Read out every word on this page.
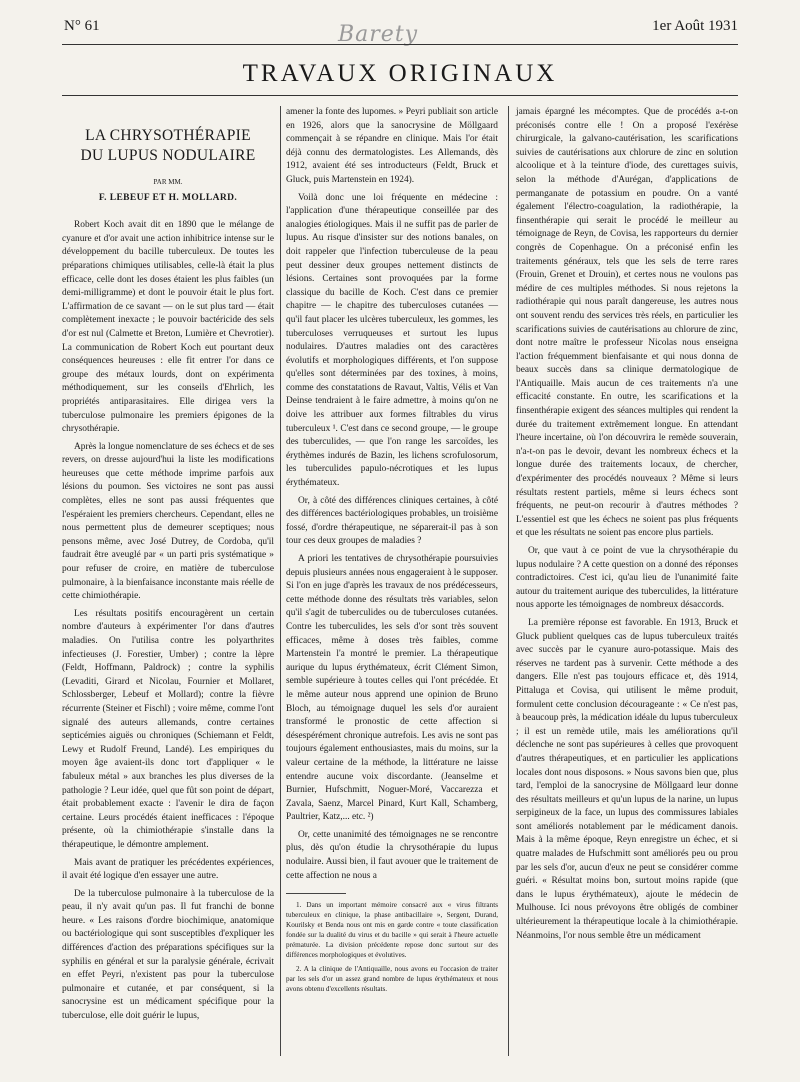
N° 61	Barety	1er Août 1931
TRAVAUX ORIGINAUX
LA CHRYSOTHÉRAPIE
DU LUPUS NODULAIRE
PAR MM.
F. LEBEUF ET H. MOLLARD.

Robert Koch avait dit en 1890 que le mélange de cyanure et d'or avait une action inhibitrice intense sur le développement du bacille tuberculeux. De toutes les préparations chimiques utilisables, celle-là était la plus efficace, celle dont les doses étaient les plus faibles (un demi-milligramme) et dont le pouvoir était le plus fort. L'affirmation de ce savant — on le sut plus tard — était complètement inexacte ; le pouvoir bactéricide des sels d'or est nul (Calmette et Breton, Lumière et Chevrotier). La communication de Robert Koch eut pourtant deux conséquences heureuses : elle fit entrer l'or dans ce groupe des métaux lourds, dont on expérimenta méthodiquement, sur les conseils d'Ehrlich, les propriétés antiparasitaires. Elle dirigea vers la tuberculose pulmonaire les premiers épigones de la chrysothérapie.

Après la longue nomenclature de ses échecs et de ses revers, on dresse aujourd'hui la liste les modifications heureuses que cette méthode imprime parfois aux lésions du poumon. Ses victoires ne sont pas aussi complètes, elles ne sont pas aussi fréquentes que l'espéraient les premiers chercheurs. Cependant, elles ne nous permettent plus de demeurer sceptiques; nous pensons même, avec José Dutrey, de Cordoba, qu'il faudrait être aveuglé par « un parti pris systématique » pour refuser de croire, en matière de tuberculose pulmonaire, à la bienfaisance inconstante mais réelle de cette chimiothérapie.

Les résultats positifs encouragèrent un certain nombre d'auteurs à expérimenter l'or dans d'autres maladies. On l'utilisa contre les polyarthrites infectieuses (J. Forestier, Umber) ; contre la lèpre (Feldt, Hoffmann, Paldrock) ; contre la syphilis (Levaditi, Girard et Nicolau, Fournier et Mollaret, Schlossberger, Lebeuf et Mollard); contre la fièvre récurrente (Steiner et Fischl) ; voire même, comme l'ont signalé des auteurs allemands, contre certaines septicémies aiguës ou chroniques (Schiemann et Feldt, Lewy et Rudolf Freund, Landé). Les empiriques du moyen âge avaient-ils donc tort d'appliquer « le fabuleux métal » aux branches les plus diverses de la pathologie ? Leur idée, quel que fût son point de départ, était probablement exacte : l'avenir le dira de façon certaine. Leurs procédés étaient inefficaces : l'époque présente, où la chimiothérapie s'installe dans la thérapeutique, le démontre amplement.

Mais avant de pratiquer les précédentes expériences, il avait été logique d'en essayer une autre.

De la tuberculose pulmonaire à la tuberculose de la peau, il n'y avait qu'un pas. Il fut franchi de bonne heure. « Les raisons d'ordre biochimique, anatomique ou bactériologique qui sont susceptibles d'expliquer les différences d'action des préparations spécifiques sur la syphilis en général et sur la paralysie générale, écrivait en effet Peyri, n'existent pas pour la tuberculose pulmonaire et cutanée, et par conséquent, si la sanocrysine est un médicament spécifique pour la tuberculose, elle doit guérir le lupus,

amener la fonte des lupomes. » Peyri publiait son article en 1926, alors que la sanocrysine de Möllgaard commençait à se répandre en clinique. Mais l'or était déjà connu des dermatologistes. Les Allemands, dès 1912, avaient été ses introducteurs (Feldt, Bruck et Gluck, puis Martenstein en 1924).

Voilà donc une loi fréquente en médecine : l'application d'une thérapeutique conseillée par des analogies étiologiques. Mais il ne suffit pas de parler de lupus. Au risque d'insister sur des notions banales, on doit rappeler que l'infection tuberculeuse de la peau peut dessiner deux groupes nettement distincts de lésions. Certaines sont provoquées par la forme classique du bacille de Koch. C'est dans ce premier chapitre — le chapitre des tuberculoses cutanées — qu'il faut placer les ulcères tuberculeux, les gommes, les tuberculoses verruqueuses et surtout les lupus nodulaires. D'autres maladies ont des caractères évolutifs et morphologiques différents, et l'on suppose qu'elles sont déterminées par des toxines, à moins, comme des constatations de Ravaut, Valtis, Vélis et Van Deinse tendraient à le faire admettre, à moins qu'on ne doive les attribuer aux formes filtrables du virus tuberculeux ¹. C'est dans ce second groupe, — le groupe des tuberculides, — que l'on range les sarcoïdes, les érythèmes indurés de Bazin, les lichens scrofulosorum, les tuberculides papulo-nécrotiques et les lupus érythémateux.

Or, à côté des différences cliniques certaines, à côté des différences bactériologiques probables, un troisième fossé, d'ordre thérapeutique, ne séparerait-il pas à son tour ces deux groupes de maladies ?

A priori les tentatives de chrysothérapie poursuivies depuis plusieurs années nous engageraient à le supposer. Si l'on en juge d'après les travaux de nos prédécesseurs, cette méthode donne des résultats très variables, selon qu'il s'agit de tuberculides ou de tuberculoses cutanées. Contre les tuberculides, les sels d'or sont très souvent efficaces, même à doses très faibles, comme Martenstein l'a montré le premier. La thérapeutique aurique du lupus érythémateux, écrit Clément Simon, semble supérieure à toutes celles qui l'ont précédée. Et le même auteur nous apprend une opinion de Bruno Bloch, au témoignage duquel les sels d'or auraient transformé le pronostic de cette affection si désespérément chronique autrefois. Les avis ne sont pas toujours également enthousiastes, mais du moins, sur la valeur certaine de la méthode, la littérature ne laisse entendre aucune voix discordante. (Jeanselme et Burnier, Hufschmitt, Noguer-Moré, Vaccarezza et Zavala, Saenz, Marcel Pinard, Kurt Kall, Schamberg, Paultrier, Katz,... etc. ²)

Or, cette unanimité des témoignages ne se rencontre plus, dès qu'on étudie la chrysothérapie du lupus nodulaire. Aussi bien, il faut avouer que le traitement de cette affection ne nous a

1. Dans un important mémoire consacré aux « virus filtrants tuberculeux en clinique, la phase antibacillaire », Sergent, Durand, Kourilsky et Benda nous ont mis en garde contre « toute classification fondée sur la dualité du virus et du bacille » qui serait à l'heure actuelle prématurée. La division précédente repose donc surtout sur des différences morphologiques et évolutives.

2. A la clinique de l'Antiquaille, nous avons eu l'occasion de traiter par les sels d'or un assez grand nombre de lupus érythémateux et nous avons obtenu d'excellents résultats.

jamais épargné les mécomptes. Que de procédés a-t-on préconisés contre elle ! On a proposé l'exérèse chirurgicale, la galvano-cautérisation, les scarifications suivies de cautérisations aux chlorure de zinc en solution alcoolique et à la teinture d'iode, des curettages suivis, selon la méthode d'Aurégan, d'applications de permanganate de potassium en poudre. On a vanté également l'électro-coagulation, la radiothérapie, la finsenthérapie qui serait le procédé le meilleur au témoignage de Reyn, de Covisa, les rapporteurs du dernier congrès de Copenhague. On a préconisé enfin les traitements généraux, tels que les sels de terre rares (Frouin, Grenet et Drouin), et certes nous ne voulons pas médire de ces multiples méthodes. Si nous rejetons la radiothérapie qui nous paraît dangereuse, les autres nous ont souvent rendu des services très réels, en particulier les scarifications suivies de cautérisations au chlorure de zinc, dont notre maître le professeur Nicolas nous enseigna l'action fréquemment bienfaisante et qui nous donna de beaux succès dans sa clinique dermatologique de l'Antiquaille. Mais aucun de ces traitements n'a une efficacité constante. En outre, les scarifications et la finsenthérapie exigent des séances multiples qui rendent la durée du traitement extrêmement longue. En attendant l'heure incertaine, où l'on découvrira le remède souverain, n'a-t-on pas le devoir, devant les nombreux échecs et la longue durée des traitements locaux, de chercher, d'expérimenter des procédés nouveaux ? Même si leurs résultats restent partiels, même si leurs échecs sont fréquents, ne peut-on recourir à d'autres méthodes ? L'essentiel est que les échecs ne soient pas plus fréquents et que les résultats ne soient pas encore plus partiels.

Or, que vaut à ce point de vue la chrysothérapie du lupus nodulaire ? A cette question on a donné des réponses contradictoires. C'est ici, qu'au lieu de l'unanimité faite autour du traitement aurique des tuberculides, la littérature nous apporte les témoignages de nombreux désaccords.

La première réponse est favorable. En 1913, Bruck et Gluck publient quelques cas de lupus tuberculeux traités avec succès par le cyanure auro-potassique. Mais des réserves ne tardent pas à survenir. Cette méthode a des dangers. Elle n'est pas toujours efficace et, dès 1914, Pittaluga et Covisa, qui utilisent le même produit, formulent cette conclusion décourageante : « Ce n'est pas, à beaucoup près, la médication idéale du lupus tuberculeux ; il est un remède utile, mais les améliorations qu'il déclenche ne sont pas supérieures à celles que provoquent d'autres thérapeutiques, et en particulier les applications locales dont nous disposons. » Nous savons bien que, plus tard, l'emploi de la sanocrysine de Möllgaard leur donne des résultats meilleurs et qu'un lupus de la narine, un lupus serpigineux de la face, un lupus des commissures labiales sont améliorés notablement par le médicament danois. Mais à la même époque, Reyn enregistre un échec, et si quatre malades de Hufschmitt sont améliorés peu ou prou par les sels d'or, aucun d'eux ne peut se considérer comme guéri. « Résultat moins bon, surtout moins rapide (que dans le lupus érythémateux), ajoute le médecin de Mulhouse. Ici nous prévoyons être obligés de combiner ultérieurement la thérapeutique locale à la chimiothérapie. Néanmoins, l'or nous semble être un médicament
